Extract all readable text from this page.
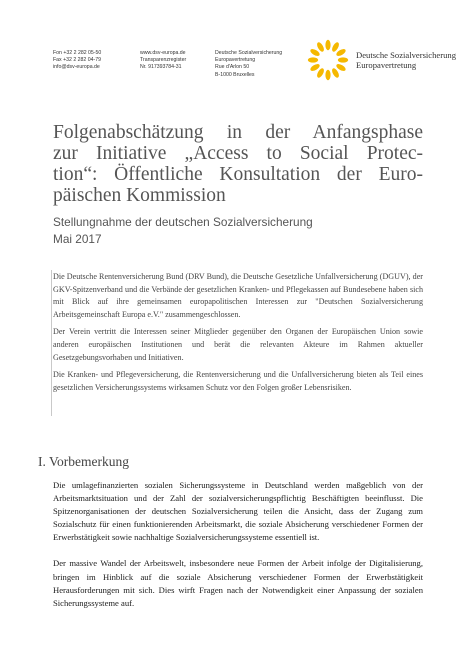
Fon +32 2 282 05-50
Fax +32 2 282 04-79
info@dsv-europa.de
www.dsv-europa.de
Transparenzregister
Nr. 917393784-31
Deutsche Sozialversicherung
Europavertretung
Rue d'Arlon 50
B-1000 Bruxelles
Deutsche Sozialversicherung
Europavertretung
Folgenabschätzung in der Anfangsphase
zur Initiative „Access to Social Protec-
tion“: Öffentliche Konsultation der Euro-
päischen Kommission
Stellungnahme der deutschen Sozialversicherung
Mai 2017

Die Deutsche Rentenversicherung Bund (DRV Bund), die Deutsche Gesetzliche Unfallversicherung (DGUV), der GKV-Spitzenverband und die Verbände der gesetzlichen Kranken- und Pflegekassen auf Bundesebene haben sich mit Blick auf ihre gemeinsamen europapolitischen Interessen zur "Deutschen Sozialversicherung Arbeitsgemeinschaft Europa e.V." zusammengeschlossen.

Der Verein vertritt die Interessen seiner Mitglieder gegenüber den Organen der Europäischen Union sowie anderen europäischen Institutionen und berät die relevanten Akteure im Rahmen aktueller Gesetzgebungsvorhaben und Initiativen.

Die Kranken- und Pflegeversicherung, die Rentenversicherung und die Unfallversicherung bieten als Teil eines gesetzlichen Versicherungssystems wirksamen Schutz vor den Folgen großer Lebensrisiken.

I. Vorbemerkung

Die umlagefinanzierten sozialen Sicherungssysteme in Deutschland werden maßgeblich von der Arbeitsmarktsituation und der Zahl der sozialversicherungspflichtig Beschäftigten beeinflusst. Die Spitzenorganisationen der deutschen Sozialversicherung teilen die Ansicht, dass der Zugang zum Sozialschutz für einen funktionierenden Arbeitsmarkt, die soziale Absicherung verschiedener Formen der Erwerbstätigkeit sowie nachhaltige Sozialversicherungssysteme essentiell ist.

Der massive Wandel der Arbeitswelt, insbesondere neue Formen der Arbeit infolge der Digitalisierung, bringen im Hinblick auf die soziale Absicherung verschiedener Formen der Erwerbstätigkeit Herausforderungen mit sich. Dies wirft Fragen nach der Notwendigkeit einer Anpassung der sozialen Sicherungssysteme auf.
